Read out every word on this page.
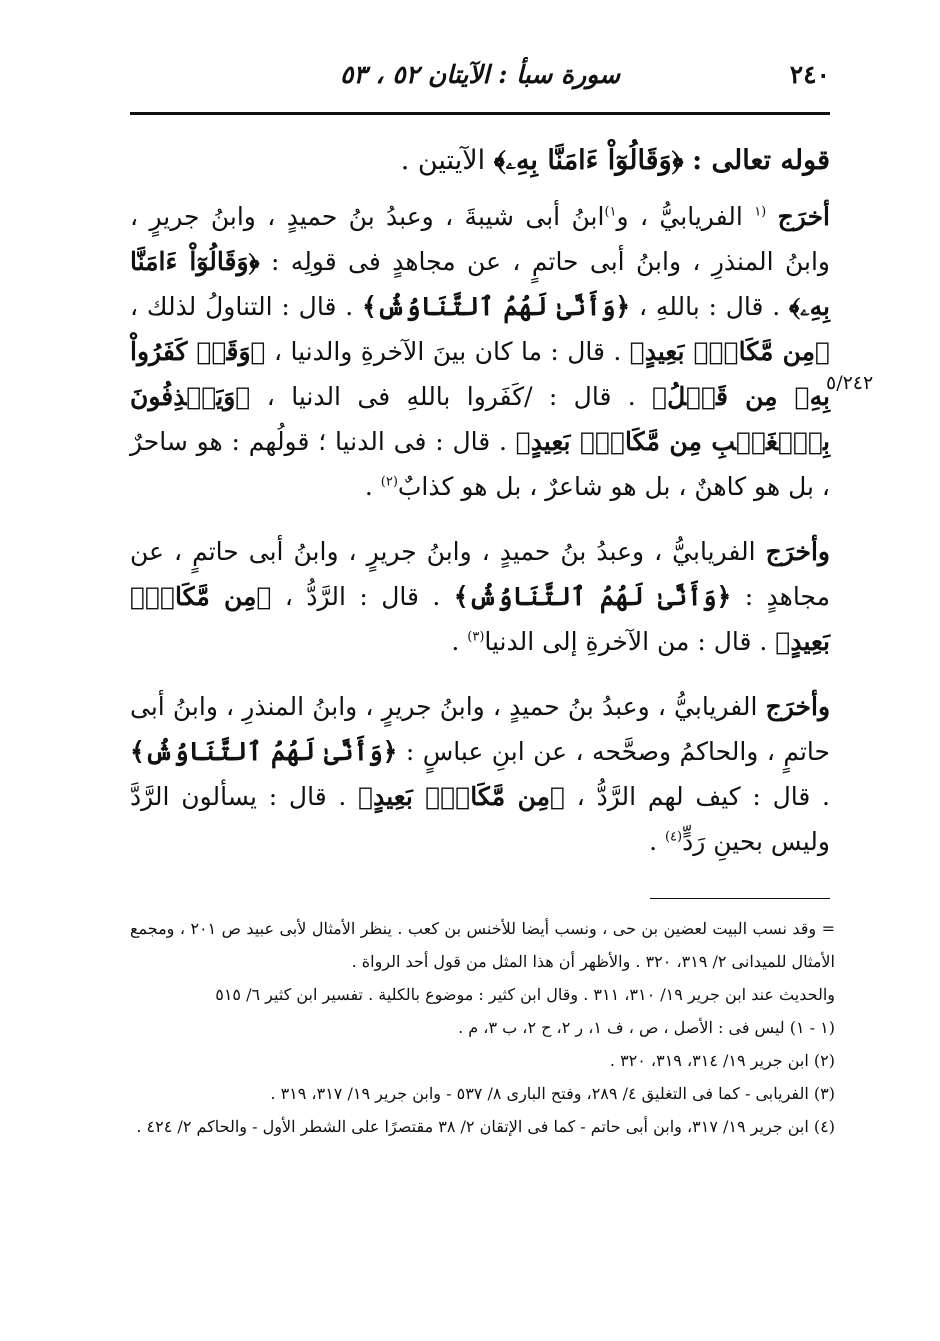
٢٤٠
سورة سبأ : الآيتان ٥٢ ، ٥٣

قوله تعالى : ﴿وَقَالُوٓاْ ءَامَنَّا بِهِۦ﴾ الآيتين .

أخرَج $^{(١}$ الفريابيُّ ، و$^{١)}$ابنُ أبى شيبةَ ، وعبدُ بنُ حميدٍ ، وابنُ جريرٍ ، وابنُ المنذرِ ، وابنُ أبى حاتمٍ ، عن مجاهدٍ فى قولِه : ﴿وَقَالُوٓاْ ءَامَنَّا بِهِۦ﴾ . قال : باللهِ ، ﴿وَأَنَّىٰ لَهُمُ ٱلتَّنَاوُشُ﴾ . قال : التناولُ لذلك ، ﴿مِن مَّكَانِۭ بَعِيدٍ﴾ . قال : ما كان بينَ الآخرةِ والدنيا ، ﴿وَقَدۡ كَفَرُواْ بِهِۦ مِن قَبۡلُ﴾ . قال : /كَفَروا باللهِ فى الدنيا ، ﴿وَيَقۡذِفُونَ بِٱلۡغَيۡبِ مِن مَّكَانِۭ بَعِيدٍ﴾ . قال : فى الدنيا ؛ قولُهم : هو ساحرٌ ، بل هو كاهنٌ ، بل هو شاعرٌ ، بل هو كذابٌ$^{(٢)}$ .

وأخرَج الفريابيُّ ، وعبدُ بنُ حميدٍ ، وابنُ جريرٍ ، وابنُ أبى حاتمٍ ، عن مجاهدٍ : ﴿وَأَنَّىٰ لَهُمُ ٱلتَّنَاوُشُ﴾ . قال : الرَّدُّ ، ﴿مِن مَّكَانِۭ بَعِيدٍ﴾ . قال : من الآخرةِ إلى الدنيا$^{(٣)}$ .

وأخرَج الفريابيُّ ، وعبدُ بنُ حميدٍ ، وابنُ جريرٍ ، وابنُ المنذرِ ، وابنُ أبى حاتمٍ ، والحاكمُ وصحَّحه ، عن ابنِ عباسٍ : ﴿وَأَنَّىٰ لَهُمُ ٱلتَّنَاوُشُ﴾ . قال : كيف لهم الرَّدُّ ، ﴿مِن مَّكَانِۭ بَعِيدٍ﴾ . قال : يسألون الرَّدَّ وليس بحينِ رَدٍّ$^{(٤)}$ .

٥/٢٤٢

= وقد نسب البيت لعضين بن حى ، ونسب أيضا للأخنس بن كعب . ينظر الأمثال لأبى عبيد ص ٢٠١ ، ومجمع الأمثال للميدانى ٢/ ٣١٩، ٣٢٠ . والأظهر أن هذا المثل من قول أحد الرواة .

والحديث عند ابن جرير ١٩/ ٣١٠، ٣١١ . وقال ابن كثير : موضوع بالكلية . تفسير ابن كثير ٦/ ٥١٥

(١ - ١) ليس فى : الأصل ، ص ، ف ١، ر ٢، ح ٢، ب ٣، م .

(٢) ابن جرير ١٩/ ٣١٤، ٣١٩، ٣٢٠ .

(٣) الفريابى - كما فى التغليق ٤/ ٢٨٩، وفتح البارى ٨/ ٥٣٧ - وابن جرير ١٩/ ٣١٧، ٣١٩ .

(٤) ابن جرير ١٩/ ٣١٧، وابن أبى حاتم - كما فى الإتقان ٢/ ٣٨ مقتصرًا على الشطر الأول - والحاكم ٢/ ٤٢٤ .
